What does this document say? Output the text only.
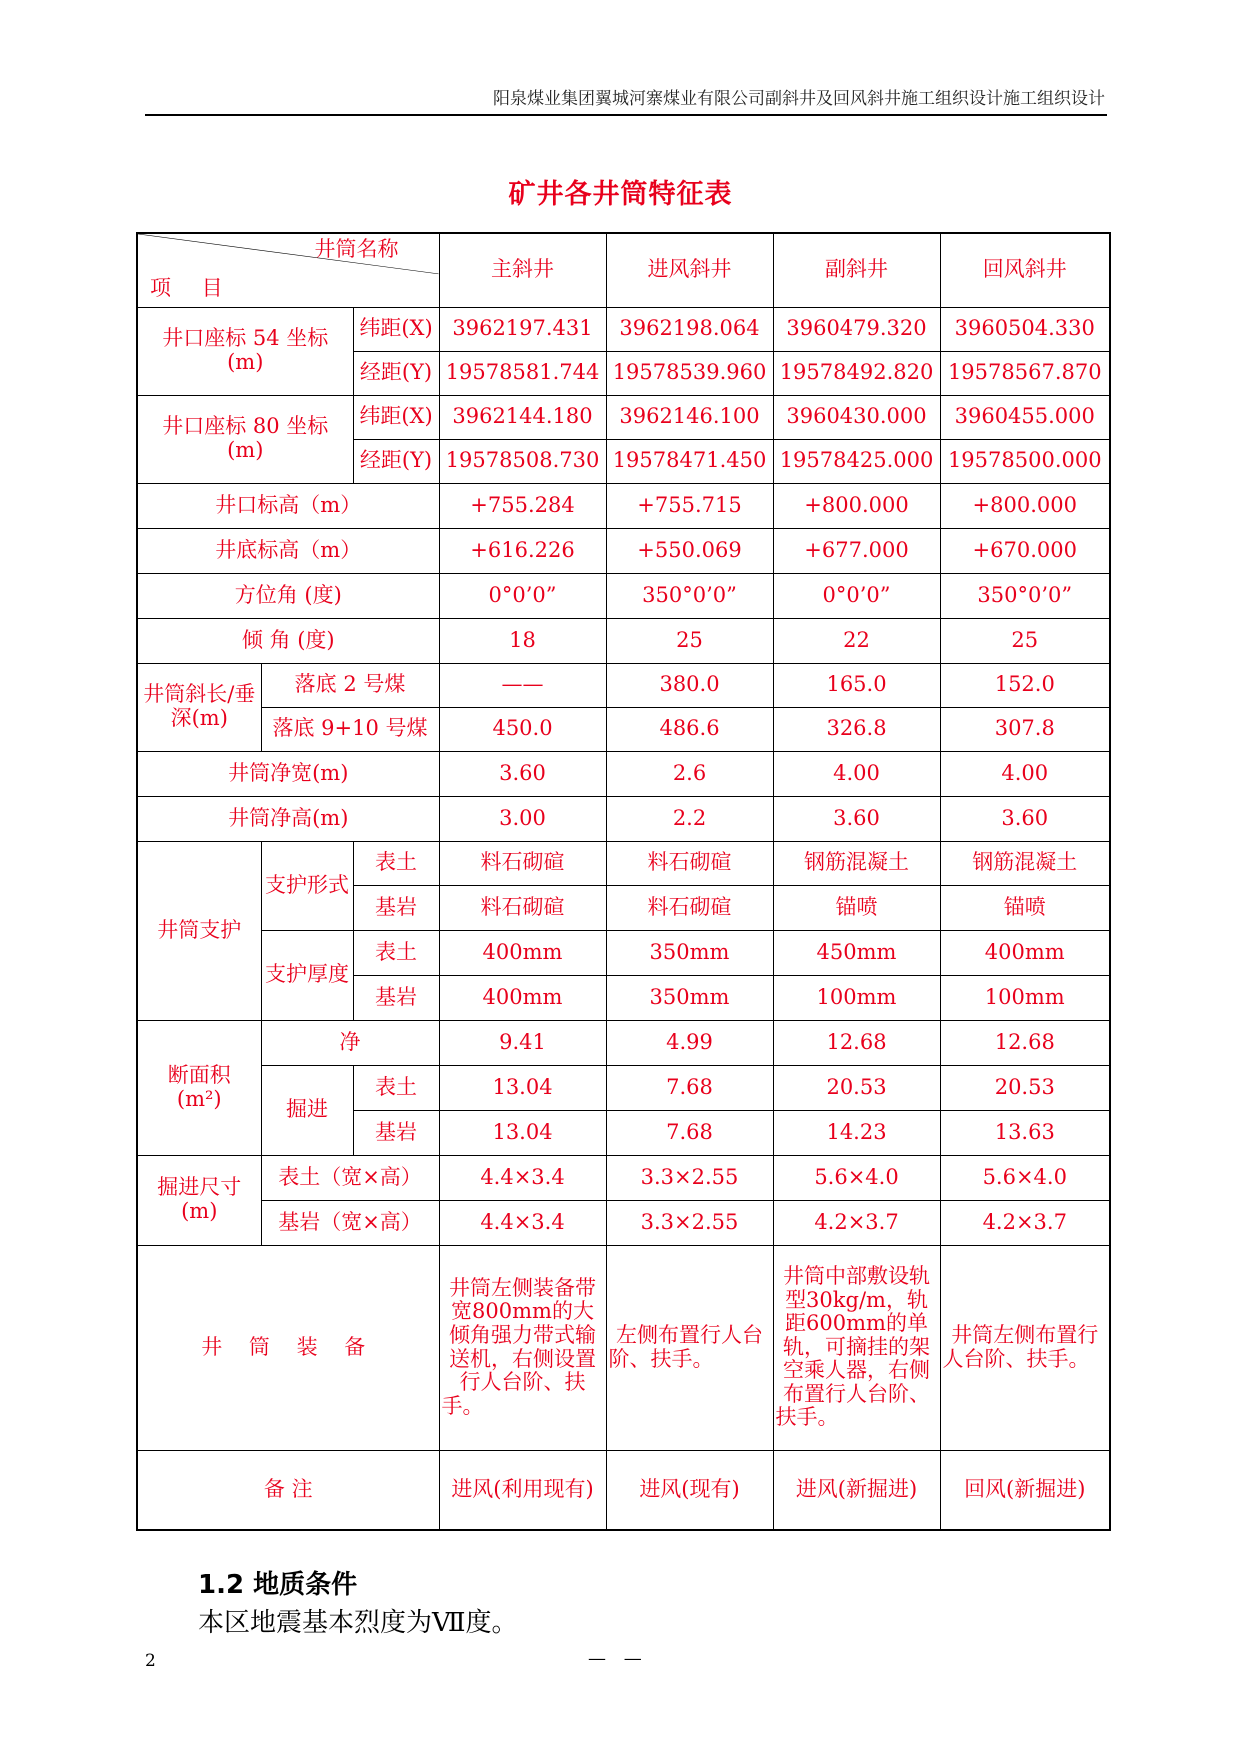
阳泉煤业集团翼城河寨煤业有限公司副斜井及回风斜井施工组织设计施工组织设计
矿井各井筒特征表
井筒名称
项 目			主斜井	进风斜井	副斜井	回风斜井
井口座标 54 坐标
(m)		纬距(X)	3962197.431	3962198.064	3960479.320	3960504.330
		经距(Y)	19578581.744	19578539.960	19578492.820	19578567.870
井口座标 80 坐标
(m)		纬距(X)	3962144.180	3962146.100	3960430.000	3960455.000
		经距(Y)	19578508.730	19578471.450	19578425.000	19578500.000
井口标高（m）			+755.284	+755.715	+800.000	+800.000
井底标高（m）			+616.226	+550.069	+677.000	+670.000
方位角 (度)			0°0’0”	350°0’0”	0°0’0”	350°0’0”
倾 角 (度)			18	25	22	25
井筒斜长/垂深(m)	落底 2 号煤		——	380.0	165.0	152.0
	落底 9+10 号煤		450.0	486.6	326.8	307.8
井筒净宽(m)			3.60	2.6	4.00	4.00
井筒净高(m)			3.00	2.2	3.60	3.60
井筒支护	支护形式	表土	料石砌碹	料石砌碹	钢筋混凝土	钢筋混凝土
		基岩	料石砌碹	料石砌碹	锚喷	锚喷
	支护厚度	表土	400mm	350mm	450mm	400mm
		基岩	400mm	350mm	100mm	100mm
断面积
(m²)	净		9.41	4.99	12.68	12.68
	掘进	表土	13.04	7.68	20.53	20.53
		基岩	13.04	7.68	14.23	13.63
掘进尺寸
(m)	表土（宽×高）		4.4×3.4	3.3×2.55	5.6×4.0	5.6×4.0
	基岩（宽×高）		4.4×3.4	3.3×2.55	4.2×3.7	4.2×3.7
井 筒 装 备			井筒左侧装备带宽800mm的大倾角强力带式输送机，右侧设置行人台阶、扶手。	左侧布置行人台阶、扶手。	井筒中部敷设轨型30kg/m，轨距600mm的单轨，可摘挂的架空乘人器，右侧布置行人台阶、扶手。	井筒左侧布置行人台阶、扶手。
备 注			进风(利用现有)	进风(现有)	进风(新掘进)	回风(新掘进)
1.2 地质条件
本区地震基本烈度为Ⅶ度。
2	— —
